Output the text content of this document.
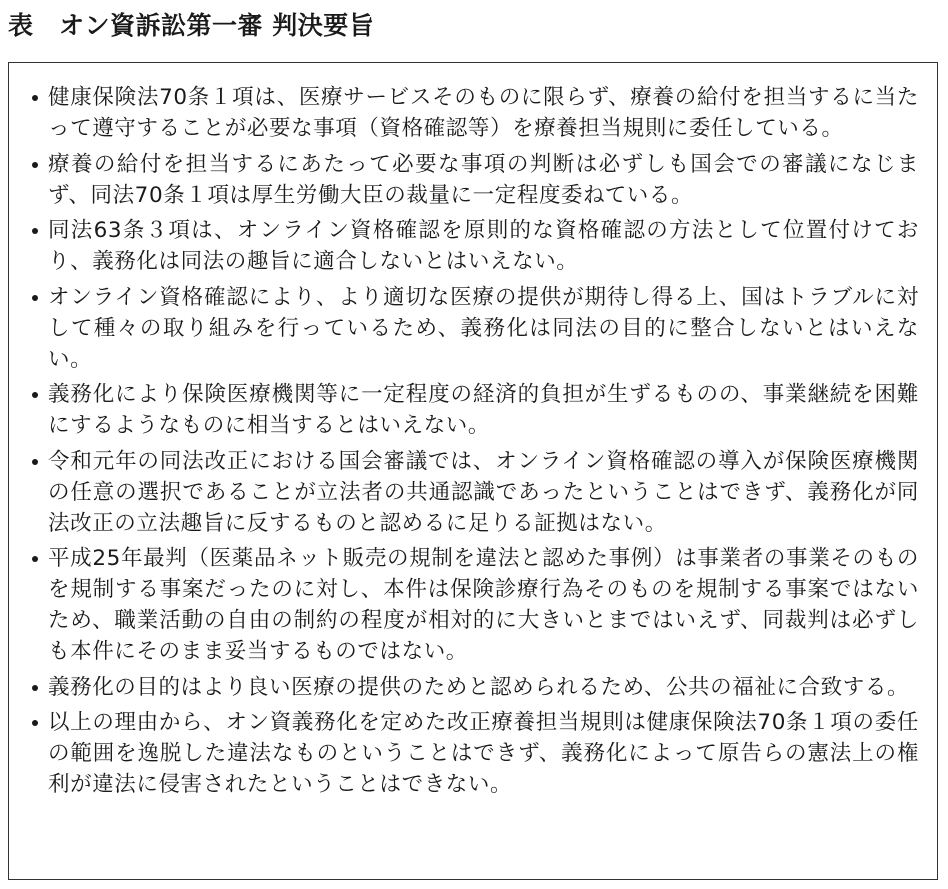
表　オン資訴訟第一審 判決要旨
健康保険法70条１項は、医療サービスそのものに限らず、療養の給付を担当するに当たって遵守することが必要な事項（資格確認等）を療養担当規則に委任している。
療養の給付を担当するにあたって必要な事項の判断は必ずしも国会での審議になじまず、同法70条１項は厚生労働大臣の裁量に一定程度委ねている。
同法63条３項は、オンライン資格確認を原則的な資格確認の方法として位置付けており、義務化は同法の趣旨に適合しないとはいえない。
オンライン資格確認により、より適切な医療の提供が期待し得る上、国はトラブルに対して種々の取り組みを行っているため、義務化は同法の目的に整合しないとはいえない。
義務化により保険医療機関等に一定程度の経済的負担が生ずるものの、事業継続を困難にするようなものに相当するとはいえない。
令和元年の同法改正における国会審議では、オンライン資格確認の導入が保険医療機関の任意の選択であることが立法者の共通認識であったということはできず、義務化が同法改正の立法趣旨に反するものと認めるに足りる証拠はない。
平成25年最判（医薬品ネット販売の規制を違法と認めた事例）は事業者の事業そのものを規制する事案だったのに対し、本件は保険診療行為そのものを規制する事案ではないため、職業活動の自由の制約の程度が相対的に大きいとまではいえず、同裁判は必ずしも本件にそのまま妥当するものではない。
義務化の目的はより良い医療の提供のためと認められるため、公共の福祉に合致する。
以上の理由から、オン資義務化を定めた改正療養担当規則は健康保険法70条１項の委任の範囲を逸脱した違法なものということはできず、義務化によって原告らの憲法上の権利が違法に侵害されたということはできない。
